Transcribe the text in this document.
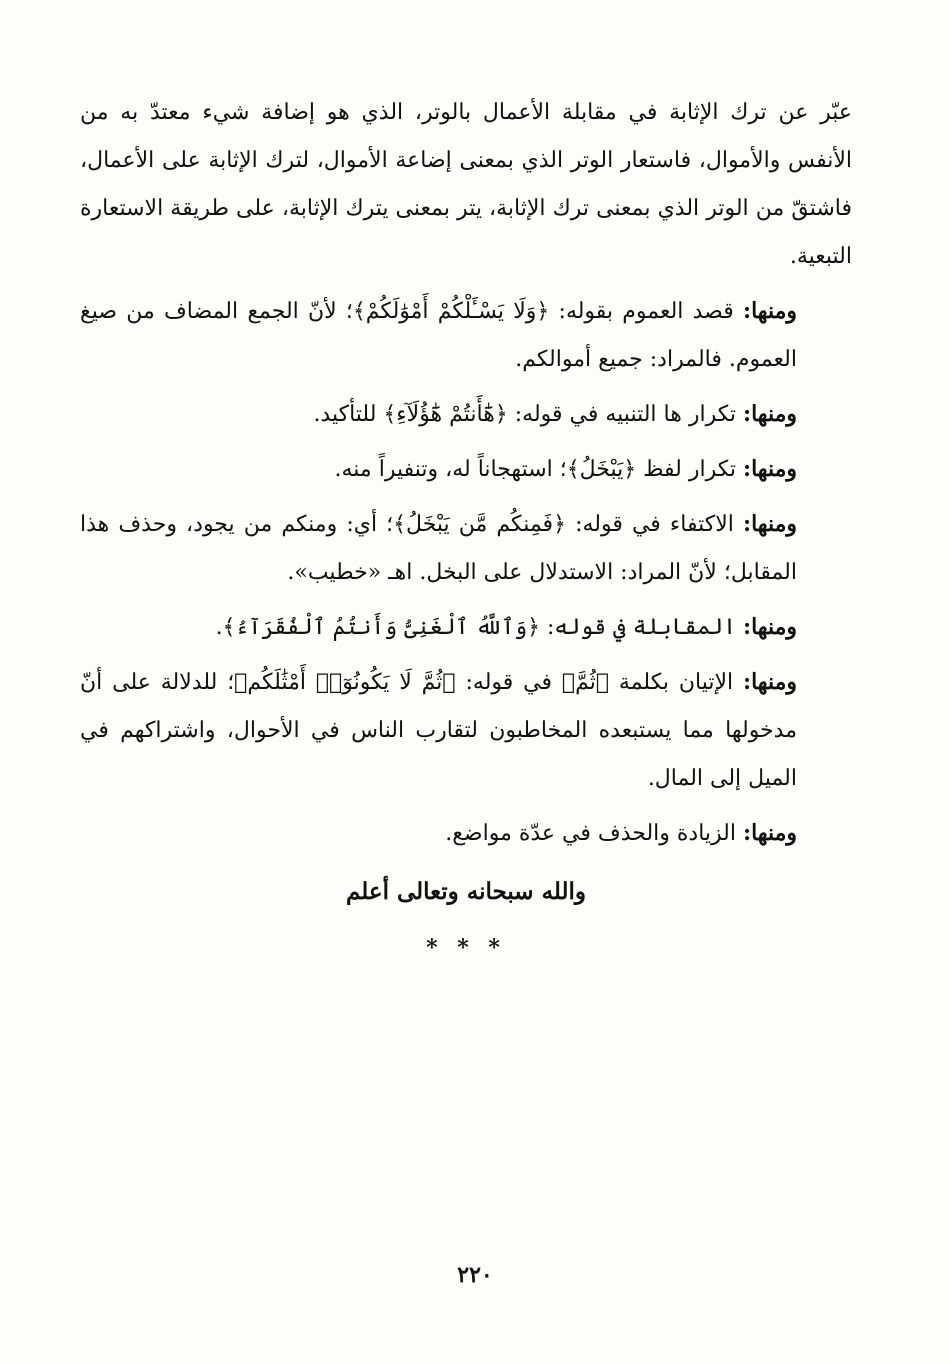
عبّر عن ترك الإثابة في مقابلة الأعمال بالوتر، الذي هو إضافة شيء معتدّ به من الأنفس والأموال، فاستعار الوتر الذي بمعنى إضاعة الأموال، لترك الإثابة على الأعمال، فاشتقّ من الوتر الذي بمعنى ترك الإثابة، يتر بمعنى يترك الإثابة، على طريقة الاستعارة التبعية.

ومنها: قصد العموم بقوله: ﴿وَلَا يَسْـَٔلْكُمْ أَمْوَٰلَكُمْ﴾؛ لأنّ الجمع المضاف من صيغ العموم. فالمراد: جميع أموالكم.

ومنها: تكرار ها التنبيه في قوله: ﴿هَٰٓأَنتُمْ هَٰٓؤُلَآءِ﴾ للتأكيد.

ومنها: تكرار لفظ ﴿يَبْخَلُ﴾؛ استهجاناً له، وتنفيراً منه.

ومنها: الاكتفاء في قوله: ﴿فَمِنكُم مَّن يَبْخَلُ﴾؛ أي: ومنكم من يجود، وحذف هذا المقابل؛ لأنّ المراد: الاستدلال على البخل. اهـ «خطيب».

ومنها: المقابلة في قوله: ﴿وَٱللَّهُ ٱلْغَنِىُّ وَأَنتُمُ ٱلْفُقَرَآءُ﴾.

ومنها: الإتيان بكلمة ﴿ثُمَّ﴾ في قوله: ﴿ثُمَّ لَا يَكُونُوٓا۟ أَمْثَٰلَكُم﴾؛ للدلالة على أنّ مدخولها مما يستبعده المخاطبون لتقارب الناس في الأحوال، واشتراكهم في الميل إلى المال.

ومنها: الزيادة والحذف في عدّة مواضع.

والله سبحانه وتعالى أعلم
* * *
٢٢٠
